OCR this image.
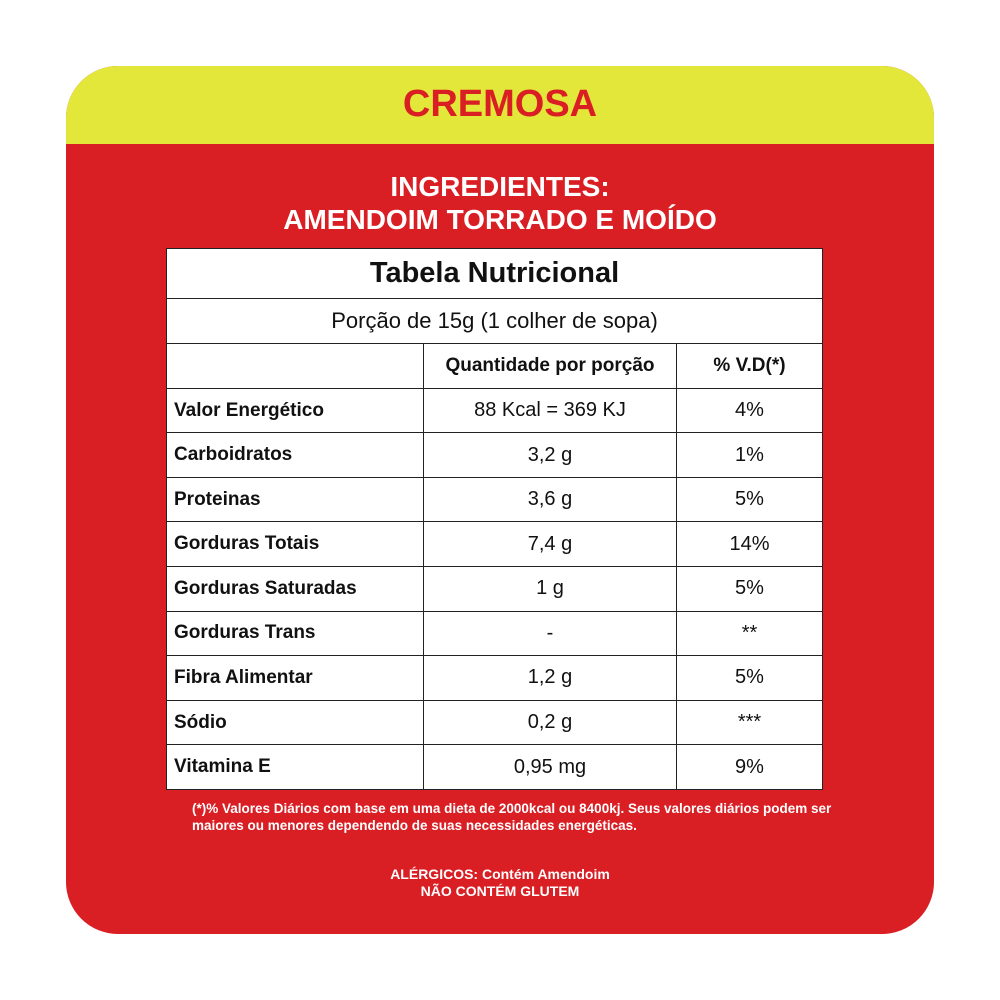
CREMOSA
INGREDIENTES:
AMENDOIM TORRADO E MOÍDO
Tabela Nutricional		
Porção de 15g (1 colher de sopa)		
	Quantidade por porção	% V.D(*)
Valor Energético	88 Kcal = 369 KJ	4%
Carboidratos	3,2 g	1%
Proteinas	3,6 g	5%
Gorduras Totais	7,4 g	14%
Gorduras Saturadas	1 g	5%
Gorduras Trans	-	**
Fibra Alimentar	1,2 g	5%
Sódio	0,2 g	***
Vitamina E	0,95 mg	9%
(*)% Valores Diários com base em uma dieta de 2000kcal ou 8400kj. Seus valores diários podem ser maiores ou menores dependendo de suas necessidades energéticas.
ALÉRGICOS: Contém Amendoim
NÃO CONTÉM GLUTEM
